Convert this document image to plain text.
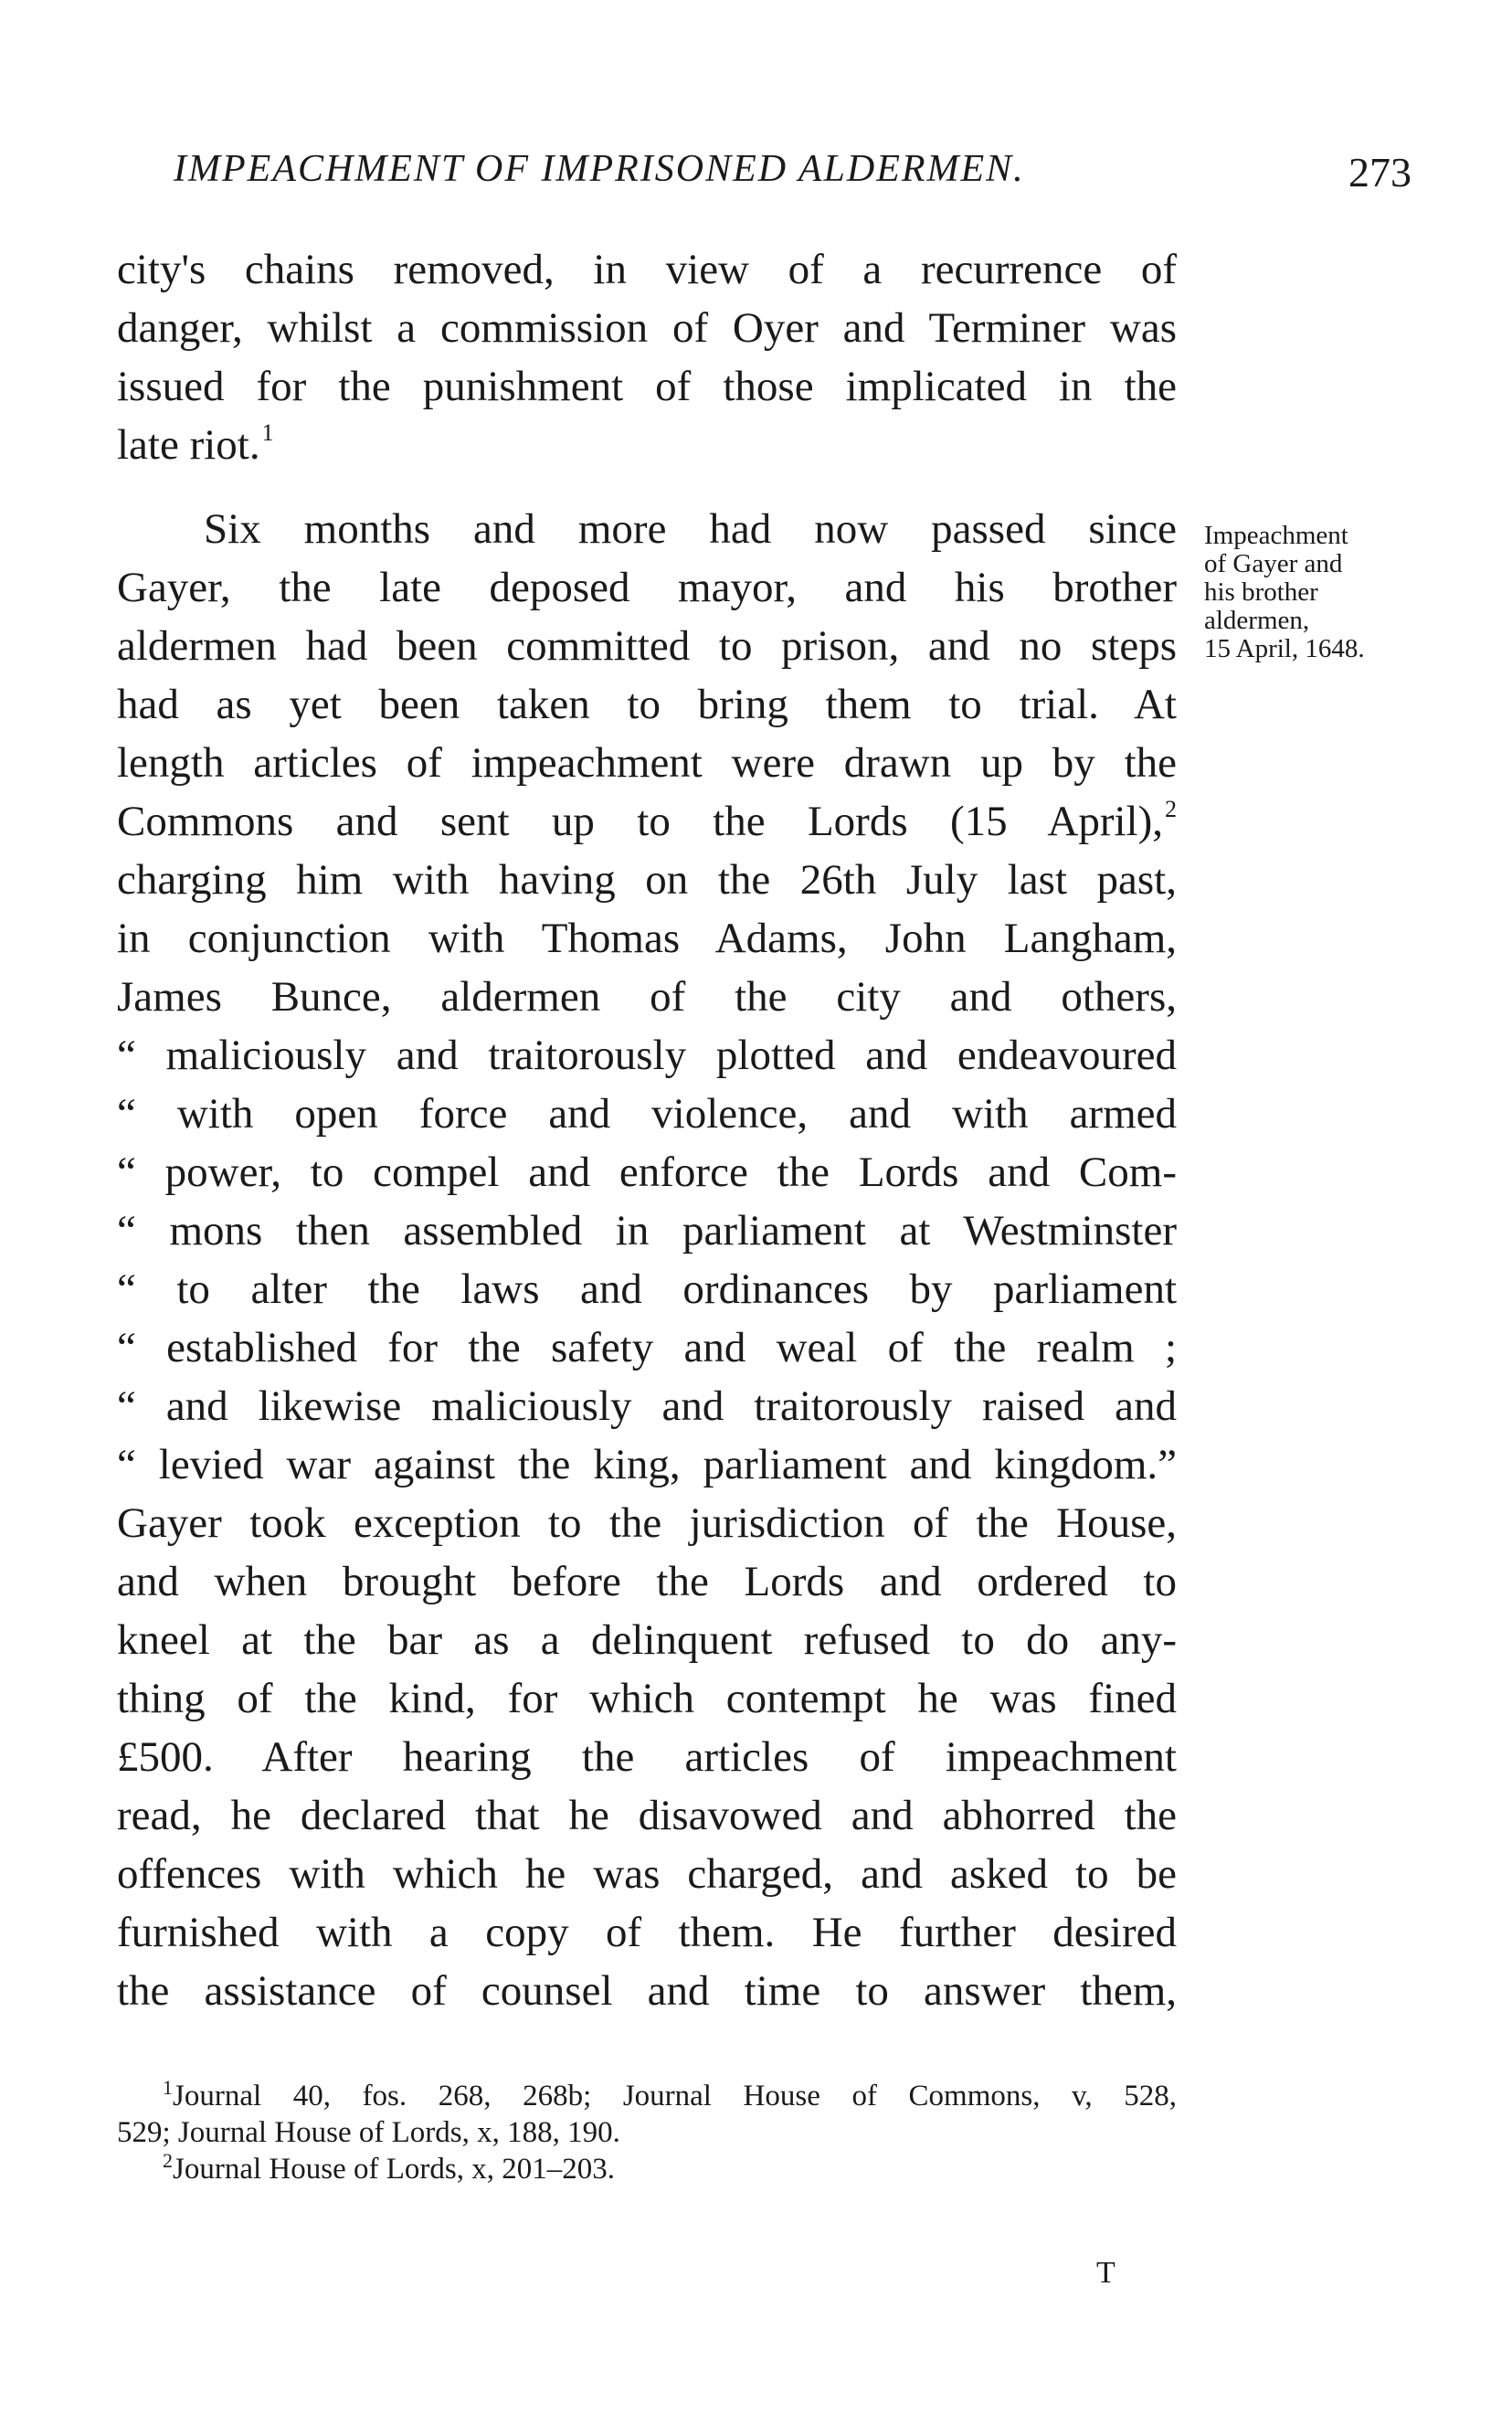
IMPEACHMENT OF IMPRISONED ALDERMEN.	273
city's chains removed, in view of a recurrence of
danger, whilst a commission of Oyer and Terminer was
issued for the punishment of those implicated in the
late riot.$^1$
Six months and more had now passed since
Gayer, the late deposed mayor, and his brother
aldermen had been committed to prison, and no steps
had as yet been taken to bring them to trial. At
length articles of impeachment were drawn up by the
Commons and sent up to the Lords (15 April),$^2$
charging him with having on the 26th July last past,
in conjunction with Thomas Adams, John Langham,
James Bunce, aldermen of the city and others,
“ maliciously and traitorously plotted and endeavoured
“ with open force and violence, and with armed
“ power, to compel and enforce the Lords and Com-
“ mons then assembled in parliament at Westminster
“ to alter the laws and ordinances by parliament
“ established for the safety and weal of the realm ;
“ and likewise maliciously and traitorously raised and
“ levied war against the king, parliament and kingdom.”
Gayer took exception to the jurisdiction of the House,
and when brought before the Lords and ordered to
kneel at the bar as a delinquent refused to do any-
thing of the kind, for which contempt he was fined
£500. After hearing the articles of impeachment
read, he declared that he disavowed and abhorred the
offences with which he was charged, and asked to be
furnished with a copy of them. He further desired
the assistance of counsel and time to answer them,
Impeachment
of Gayer and
his brother
aldermen,
15 April, 1648.
$^1$Journal 40, fos. 268, 268b; Journal House of Commons, v, 528,
529; Journal House of Lords, x, 188, 190.
$^2$Journal House of Lords, x, 201–203.
T
